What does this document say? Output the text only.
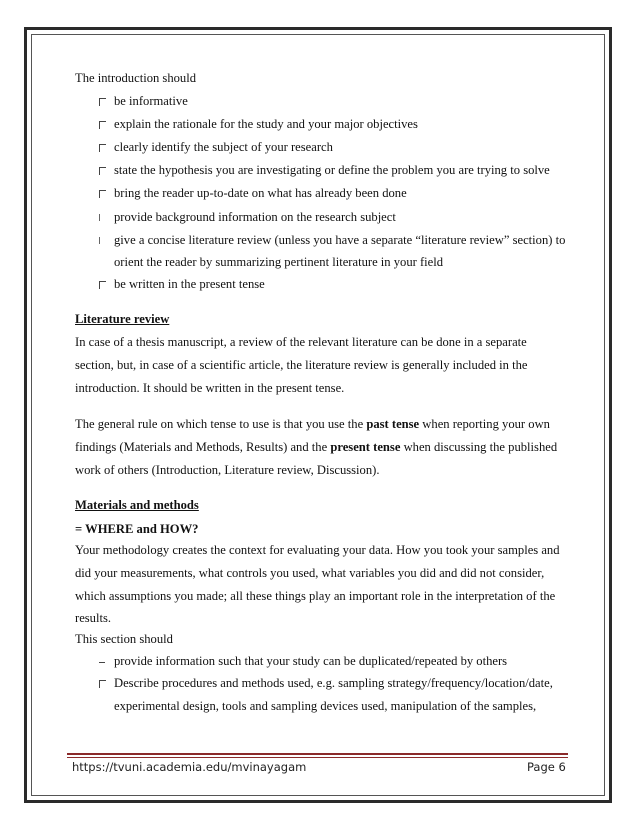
The introduction should
be informative
explain the rationale for the study and your major objectives
clearly identify the subject of your research
state the hypothesis you are investigating or define the problem you are trying to solve
bring the reader up-to-date on what has already been done
provide background information on the research subject
give a concise literature review (unless you have a separate “literature review” section) to
orient the reader by summarizing pertinent literature in your field
be written in the present tense
Literature review
In case of a thesis manuscript, a review of the relevant literature can be done in a separate
section, but, in case of a scientific article, the literature review is generally included in the
introduction. It should be written in the present tense.
The general rule on which tense to use is that you use the past tense when reporting your own
findings (Materials and Methods, Results) and the present tense when discussing the published
work of others (Introduction, Literature review, Discussion).
Materials and methods
= WHERE and HOW?
Your methodology creates the context for evaluating your data. How you took your samples and
did your measurements, what controls you used, what variables you did and did not consider,
which assumptions you made; all these things play an important role in the interpretation of the
results.
This section should
provide information such that your study can be duplicated/repeated by others
Describe procedures and methods used, e.g. sampling strategy/frequency/location/date,
experimental design, tools and sampling devices used, manipulation of the samples,
https://tvuni.academia.edu/mvinayagam	Page 6
